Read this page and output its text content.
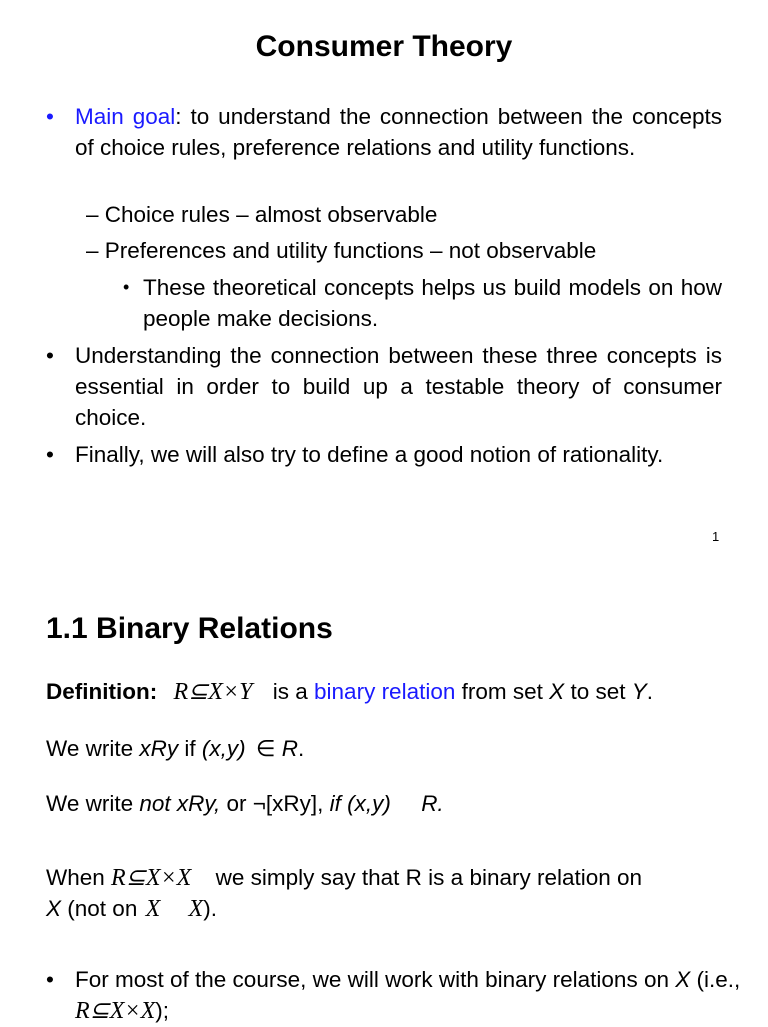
Consumer Theory
• Main goal: to understand the connection between the concepts of choice rules, preference relations and utility functions.
– Choice rules – almost observable
– Preferences and utility functions – not observable
• These theoretical concepts helps us build models on how people make decisions.
• Understanding the connection between these three concepts is essential in order to build up a testable theory of consumer choice.
• Finally, we will also try to define a good notion of rationality.
1
1.1 Binary Relations
Definition: R⊆X×Y is a binary relation from set X to set Y.
We write xRy if (x,y) ∈ R.
We write not xRy, or ¬[xRy], if (x,y) R.
When R⊆X×X we simply say that R is a binary relation on
X (not on X X).
• For most of the course, we will work with binary relations on X (i.e., R⊆X×X);
